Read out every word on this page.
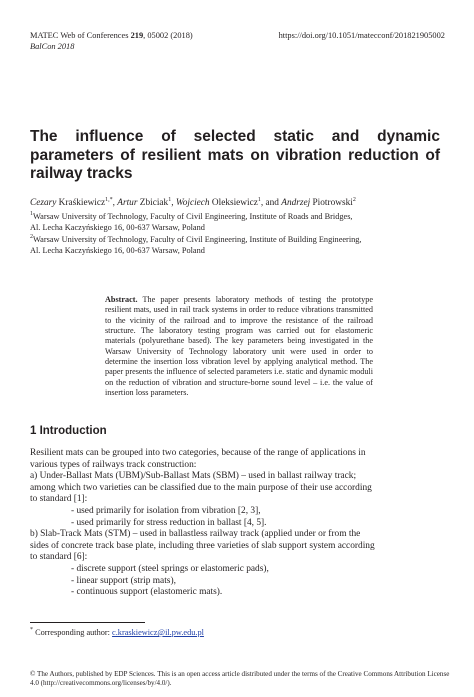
MATEC Web of Conferences 219, 05002 (2018)	https://doi.org/10.1051/matecconf/201821905002
BalCon 2018
The influence of selected static and dynamic parameters of resilient mats on vibration reduction of railway tracks
Cezary Kraśkiewicz$^{1,*}$, Artur Zbiciak$^1$, Wojciech Oleksiewicz$^1$, and Andrzej Piotrowski$^2$
$^1$Warsaw University of Technology, Faculty of Civil Engineering, Institute of Roads and Bridges,
Al. Lecha Kaczyńskiego 16, 00-637 Warsaw, Poland
$^2$Warsaw University of Technology, Faculty of Civil Engineering, Institute of Building Engineering,
Al. Lecha Kaczyńskiego 16, 00-637 Warsaw, Poland
Abstract. The paper presents laboratory methods of testing the prototype resilient mats, used in rail track systems in order to reduce vibrations transmitted to the vicinity of the railroad and to improve the resistance of the railroad structure. The laboratory testing program was carried out for elastomeric materials (polyurethane based). The key parameters being investigated in the Warsaw University of Technology laboratory unit were used in order to determine the insertion loss vibration level by applying analytical method. The paper presents the influence of selected parameters i.e. static and dynamic moduli on the reduction of vibration and structure-borne sound level – i.e. the value of insertion loss parameters.
1 Introduction
Resilient mats can be grouped into two categories, because of the range of applications in
various types of railways track construction:
a) Under-Ballast Mats (UBM)/Sub-Ballast Mats (SBM) – used in ballast railway track;
among which two varieties can be classified due to the main purpose of their use according
to standard [1]:
- used primarily for isolation from vibration [2, 3],
- used primarily for stress reduction in ballast [4, 5].
b) Slab-Track Mats (STM) – used in ballastless railway track (applied under or from the
sides of concrete track base plate, including three varieties of slab support system according
to standard [6]:
- discrete support (steel springs or elastomeric pads),
- linear support (strip mats),
- continuous support (elastomeric mats).
* Corresponding author: c.kraskiewicz@il.pw.edu.pl
© The Authors, published by EDP Sciences. This is an open access article distributed under the terms of the Creative Commons Attribution License 4.0 (http://creativecommons.org/licenses/by/4.0/).
